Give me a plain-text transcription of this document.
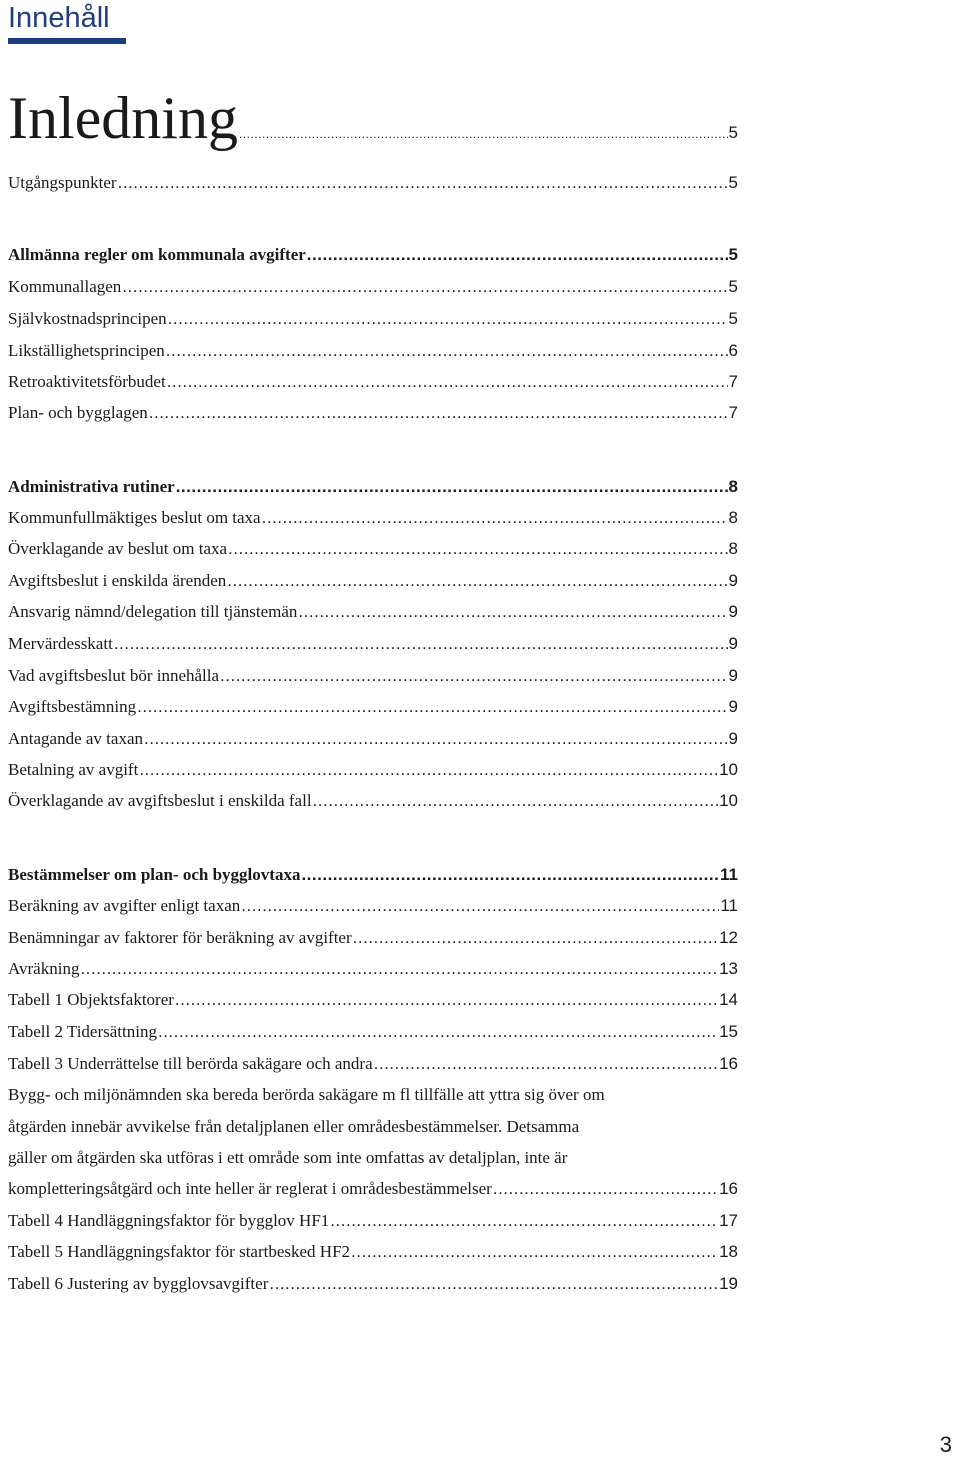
Innehåll
Inledning .....	5
Utgångspunkter .....	5
Allmänna regler om kommunala avgifter .....	5
Kommunallagen .....	5
Självkostnadsprincipen .....	5
Likställighetsprincipen .....	6
Retroaktivitetsförbudet .....	7
Plan- och bygglagen .....	7
Administrativa rutiner .....	8
Kommunfullmäktiges beslut om taxa .....	8
Överklagande av beslut om taxa .....	8
Avgiftsbeslut i enskilda ärenden .....	9
Ansvarig nämnd/delegation till tjänstemän .....	9
Mervärdesskatt .....	9
Vad avgiftsbeslut bör innehålla .....	9
Avgiftsbestämning .....	9
Antagande av taxan .....	9
Betalning av avgift .....	10
Överklagande av avgiftsbeslut i enskilda fall .....	10
Bestämmelser om plan- och bygglovtaxa .....	11
Beräkning av avgifter enligt taxan .....	11
Benämningar av faktorer för beräkning av avgifter .....	12
Avräkning .....	13
Tabell 1 Objektsfaktorer .....	14
Tabell 2 Tidersättning .....	15
Tabell 3 Underrättelse till berörda sakägare och andra .....	16
Bygg- och miljönämnden ska bereda berörda sakägare m fl tillfälle att yttra sig över om
åtgärden innebär avvikelse från detaljplanen eller områdesbestämmelser. Detsamma
gäller om åtgärden ska utföras i ett område som inte omfattas av detaljplan, inte är
kompletteringsåtgärd och inte heller är reglerat i områdesbestämmelser .....	16
Tabell 4 Handläggningsfaktor för bygglov HF1 .....	17
Tabell 5 Handläggningsfaktor för startbesked HF2 .....	18
Tabell 6 Justering av bygglovsavgifter .....	19
3
